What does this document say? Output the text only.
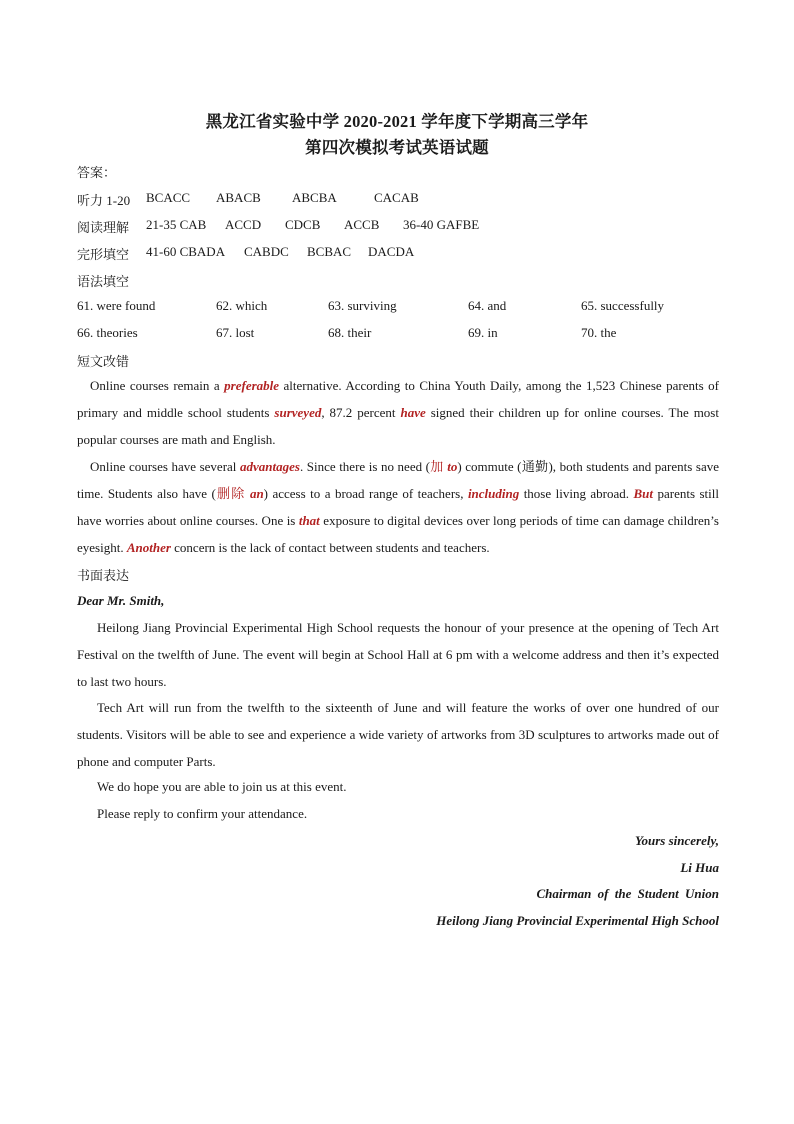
黑龙江省实验中学 2020-2021 学年度下学期高三学年
第四次模拟考试英语试题
答案：
听力 1-20 BCACC ABACB ABCBA	CACAB
阅读理解 21-35 CAB ACCD CDCB ACCB 36-40 GAFBE
完形填空 41-60 CBADA CABDC BCBAC DACDA
语法填空
61. were found	62. which	63. surviving	64. and	65. successfully
66. theories	67. lost	68. their	69. in	70. the
短文改错

Online courses remain a preferable alternative. According to China Youth Daily, among the 1,523 Chinese parents of primary and middle school students surveyed, 87.2 percent have signed their children up for online courses. The most popular courses are math and English.

Online courses have several advantages. Since there is no need (加 to) commute (通勤), both students and parents save time. Students also have (删除 an) access to a broad range of teachers, including those living abroad. But parents still have worries about online courses. One is that exposure to digital devices over long periods of time can damage children’s eyesight. Another concern is the lack of contact between students and teachers.

书面表达
Dear Mr. Smith,

Heilong Jiang Provincial Experimental High School requests the honour of your presence at the opening of Tech Art Festival on the twelfth of June. The event will begin at School Hall at 6 pm with a welcome address and then it’s expected to last two hours.

Tech Art will run from the twelfth to the sixteenth of June and will feature the works of over one hundred of our students. Visitors will be able to see and experience a wide variety of artworks from 3D sculptures to artworks made out of phone and computer Parts.

We do hope you are able to join us at this event.
Please reply to confirm your attendance.
Yours sincerely,
Li Hua
Chairman of the Student Union
Heilong Jiang Provincial Experimental High School
